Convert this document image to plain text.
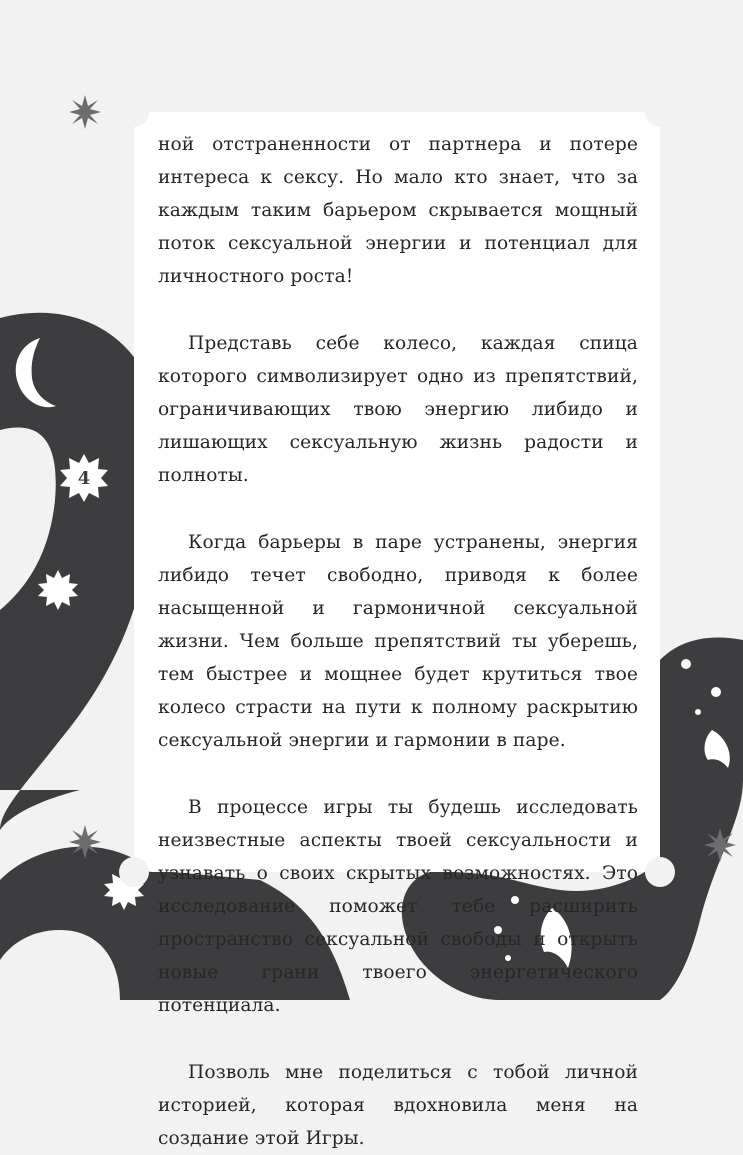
4

ной отстраненности от партнера и потере интереса к сексу. Но мало кто знает, что за каждым таким барьером скрывается мощный поток сексуальной энергии и потенциал для личностного роста!

Представь себе колесо, каждая спица которого символизирует одно из препятствий, ограничивающих твою энергию либидо и лишающих сексуальную жизнь радости и полноты.

Когда барьеры в паре устранены, энергия либидо течет свободно, приводя к более насыщенной и гармоничной сексуальной жизни. Чем больше препятствий ты уберешь, тем быстрее и мощнее будет крутиться твое колесо страсти на пути к полному раскрытию сексуальной энергии и гармонии в паре.

В процессе игры ты будешь исследовать неизвестные аспекты твоей сексуальности и узнавать о своих скрытых возможностях. Это исследование поможет тебе расширить пространство сексуальной свободы и открыть новые грани твоего энергетического потенциала.

Позволь мне поделиться с тобой личной историей, которая вдохновила меня на создание этой Игры.
